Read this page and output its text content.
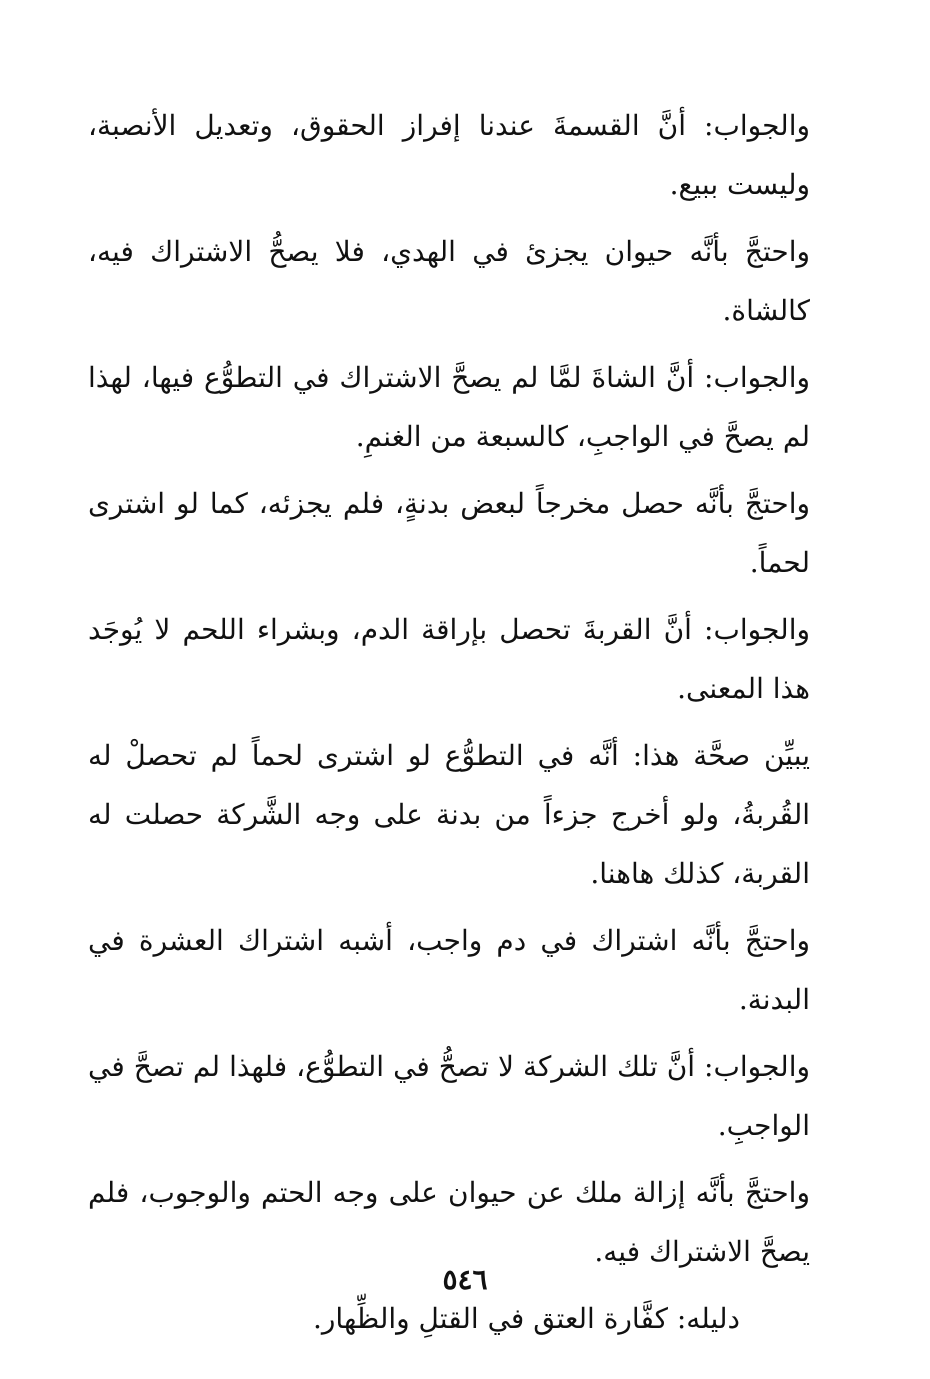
والجواب: أنَّ القسمةَ عندنا إفراز الحقوق، وتعديل الأنصبة، وليست ببيع.

واحتجَّ بأنَّه حيوان يجزئ في الهدي، فلا يصحُّ الاشتراك فيه، كالشاة.

والجواب: أنَّ الشاةَ لمَّا لم يصحَّ الاشتراك في التطوُّع فيها، لهذا لم يصحَّ في الواجبِ، كالسبعة من الغنمِ.

واحتجَّ بأنَّه حصل مخرجاً لبعض بدنةٍ، فلم يجزئه، كما لو اشترى لحماً.

والجواب: أنَّ القربةَ تحصل بإراقة الدم، وبشراء اللحم لا يُوجَد هذا المعنى.

يبيِّن صحَّة هذا: أنَّه في التطوُّع لو اشترى لحماً لم تحصلْ له القُربةُ، ولو أخرج جزءاً من بدنة على وجه الشَّركة حصلت له القربة، كذلك هاهنا.

واحتجَّ بأنَّه اشتراك في دم واجب، أشبه اشتراك العشرة في البدنة.

والجواب: أنَّ تلك الشركة لا تصحُّ في التطوُّع، فلهذا لم تصحَّ في الواجبِ.

واحتجَّ بأنَّه إزالة ملك عن حيوان على وجه الحتم والوجوب، فلم يصحَّ الاشتراك فيه.

دليله: كفَّارة العتق في القتلِ والظِّهار.

٥٤٦
